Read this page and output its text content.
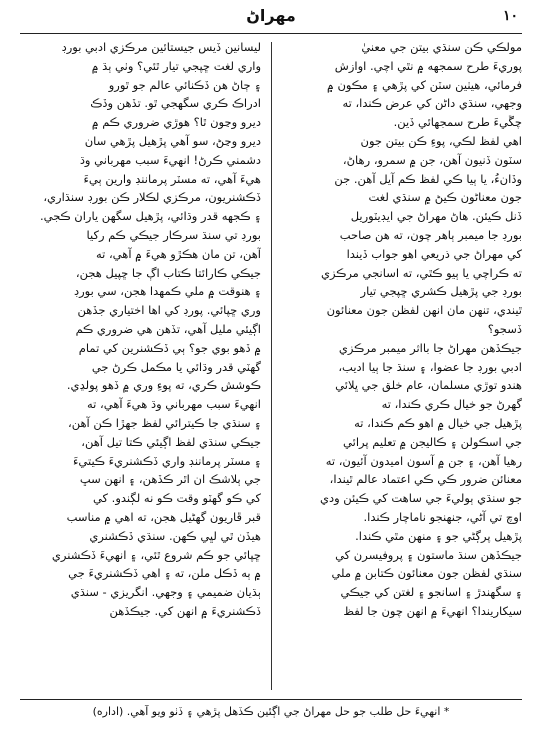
مهراڻ	١٠
مولڪي ڪن سنڌي بيتن جي معنيٰ
پوريءَ طرح سمجهه ۾ نٿي اچي. اوازش
فرمائي، هيٺين سٽن کي پڙهي ۽ مڪون ۾
وجهي، سنڌي داڻن کي عرض ڪندا، ته
چڱيءَ طرح سمجهائي ڏين.
اهي لفظ لڪي، پوءِ ڪن بيتن جون
سٽون ڏنيون آهن، جن ۾ سمرو، رهاڻ،
وڏانءُ، يا ٻيا ڪي لفظ ڪم آيل آهن. جن
جون معناڻون ڪيڻ ۾ سنڌي لغت
ڏنل ڪيئن. هاڻ مهراڻ جي ايڊيٽوريل
بورڊ جا ميمبر ٻاهر چون، ته هن صاحب
کي مهراڻ جي ذريعي اهو جواب ڏيندا
ته ڪراچي يا ٻيو ڪٿي، ته اسانجي مرڪزي
بورڊ جي پڙهيل ڪشري ڇپجي تيار
ٿيندي، تنهن مان انهن لفظن جون معنائون
ڏسجو؟
جيڪڏهن مهراڻ جا بااثر ميمبر مرڪزي
ادبي بورڊ جا عضوا، ۽ سنڌ جا ٻيا اديب،
هندو توڙي مسلمان، عام خلق جي ڀلائي
گهرڻ جو خيال ڪري ڪندا، ته
پڙهيل جي خيال ۾ اهو ڪم ڪندا، ته
جي اسڪولن ۽ ڪاليجن ۾ تعليم پرائي
رهيا آهن، ۽ جن ۾ آسون اميدون آئيون، ته
معنائن ضرور ڪي ڪي اعتماد عالم ٿيندا،
جو سنڌي ٻوليءَ جي ساهت کي ڪيئن ودي
اوچ تي آڻي، جنهنجو ناماچار ڪندا.
پڙهيل پرڳڻي جو ۽ منهن مٿي ڪندا.
جيڪڏهن سنڌ ماستون ۽ پروفيسرن کي
سنڌي لفظن جون معنائون ڪتابن ۾ ملي
۽ سگهندڙ ۽ اسانجو ۽ لغتن کي جيڪي
سيکاريندا؟ انهيءَ ۾ انهن چون جا لفظ
ليسانين ڏيس جيستائين مرڪزي ادبي بورڊ
واري لغت ڇپجي تيار ٿئي؟ وٺي ٻڌ ۾
۽ ڄاڻ هن ڏڪنائي عالم جو ٿورو
ادراڪ ڪري سگهجي ٿو. تڏهن وڏڪ
ديرو وڃون ٿا؟ هوڙي ضروري ڪم ۾
ديرو وڃڻ، سو آهي پڙهيل پڙهي سان
دشمني ڪرڻ! انهيءَ سبب مهرباني وڌ
هيءَ آهي، ته مسٽر پرماننڊ وارين ٻيءَ
ڏڪشنريون، مرڪزي لڪلار ڪن بورڊ سنڌاري،
۽ ڪجهه قدر وڌائي، پڙهيل سگهن ياران ڪجي.
بورڊ تي سنڌ سرڪار جيڪي ڪم رکيا
آهن، تن مان هڪڙو هيءَ ۾ آهي، ته
جيڪي ڪارائتا ڪتاب اڳ جا ڇپيل هجن،
۽ هنوقت ۾ ملي ڪمهدا هجن، سي بورڊ
وري ڇپائي. پورڊ کي اها اختياري جڏهن
اڳيئي مليل آهي، تڏهن هي ضروري ڪم
۾ ڏهو بوي جو؟ ٻي ڏڪشنرين کي تمام
گهٽي قدر وڌائي يا مڪمل ڪرڻ جي
ڪوشش ڪري، ته پوءِ وري ۾ ڏهو پولڍي.
انهيءَ سبب مهرباني وڌ هيءَ آهي، ته
۽ سنڌي جا ڪيترائي لفظ جهڙا ڪن آهن،
جيڪي سنڌي لفظ اڳيئي ڪتا تيل آهن،
۽ مسٽر پرماننڊ واري ڏڪشنريءَ ڪيتيءَ
جي ٻلاشڪ ان اٿر ڪڏهن، ۽ انهن سڀ
کي ڪو گهٽو وقت ڪو نه لڳندو. کي
قبر ڦاريون گهڻيل هجن، ته اهي ۾ مناسب
هيڏن ٿي لڀي ڪهن. سنڌي ڏڪشنري
ڇپائي جو ڪم شروع ٿئي، ۽ انهيءَ ڏڪشنري
۾ ٻه ڏڪل ملن، ته ۽ اهي ڏڪشنريءَ جي
ٻڌيان ضميمي ۽ وجهي. انگريزي - سنڌي
ڏڪشنريءَ ۾ انهن کي. جيڪڏهن
* انهيءَ حل طلب جو حل مهراڻ جي اڳئين ڪڏهل پڙهي ۽ ڏٺو ويو آهي. (اداره)
